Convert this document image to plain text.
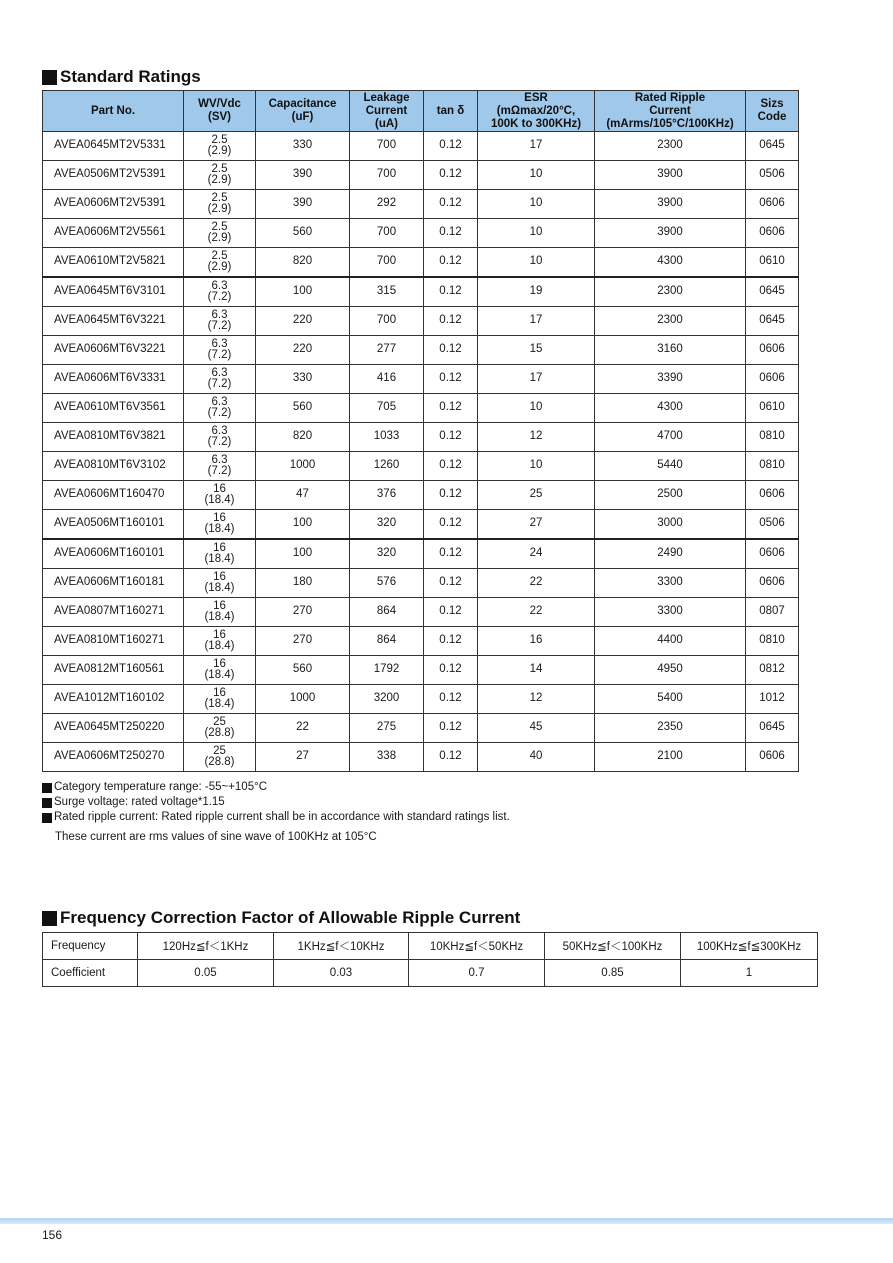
Standard Ratings
Part No.	WV/Vdc
(SV)	Capacitance
(uF)	Leakage
Current
(uA)	tan δ	ESR
(mΩmax/20°C,
100K to 300KHz)	Rated Ripple
Current
(mArms/105°C/100KHz)	Sizs
Code

AVEA0645MT2V5331	2.5
(2.9)	330	700	0.12	17	2300	0645
AVEA0506MT2V5391	2.5
(2.9)	390	700	0.12	10	3900	0506
AVEA0606MT2V5391	2.5
(2.9)	390	292	0.12	10	3900	0606
AVEA0606MT2V5561	2.5
(2.9)	560	700	0.12	10	3900	0606
AVEA0610MT2V5821	2.5
(2.9)	820	700	0.12	10	4300	0610
AVEA0645MT6V3101	6.3
(7.2)	100	315	0.12	19	2300	0645
AVEA0645MT6V3221	6.3
(7.2)	220	700	0.12	17	2300	0645
AVEA0606MT6V3221	6.3
(7.2)	220	277	0.12	15	3160	0606
AVEA0606MT6V3331	6.3
(7.2)	330	416	0.12	17	3390	0606
AVEA0610MT6V3561	6.3
(7.2)	560	705	0.12	10	4300	0610
AVEA0810MT6V3821	6.3
(7.2)	820	1033	0.12	12	4700	0810
AVEA0810MT6V3102	6.3
(7.2)	1000	1260	0.12	10	5440	0810
AVEA0606MT160470	16
(18.4)	47	376	0.12	25	2500	0606
AVEA0506MT160101	16
(18.4)	100	320	0.12	27	3000	0506
AVEA0606MT160101	16
(18.4)	100	320	0.12	24	2490	0606
AVEA0606MT160181	16
(18.4)	180	576	0.12	22	3300	0606
AVEA0807MT160271	16
(18.4)	270	864	0.12	22	3300	0807
AVEA0810MT160271	16
(18.4)	270	864	0.12	16	4400	0810
AVEA0812MT160561	16
(18.4)	560	1792	0.12	14	4950	0812
AVEA1012MT160102	16
(18.4)	1000	3200	0.12	12	5400	1012
AVEA0645MT250220	25
(28.8)	22	275	0.12	45	2350	0645
AVEA0606MT250270	25
(28.8)	27	338	0.12	40	2100	0606
Category temperature range: -55~+105°C
Surge voltage: rated voltage*1.15
Rated ripple current: Rated ripple current shall be in accordance with standard ratings list.
These current are rms values of sine wave of 100KHz at 105°C
Frequency Correction Factor of Allowable Ripple Current
Frequency	120Hz≦f＜1KHz	1KHz≦f＜10KHz	10KHz≦f＜50KHz	50KHz≦f＜100KHz	100KHz≦f≦300KHz
Coefficient	0.05	0.03	0.7	0.85	1
156
